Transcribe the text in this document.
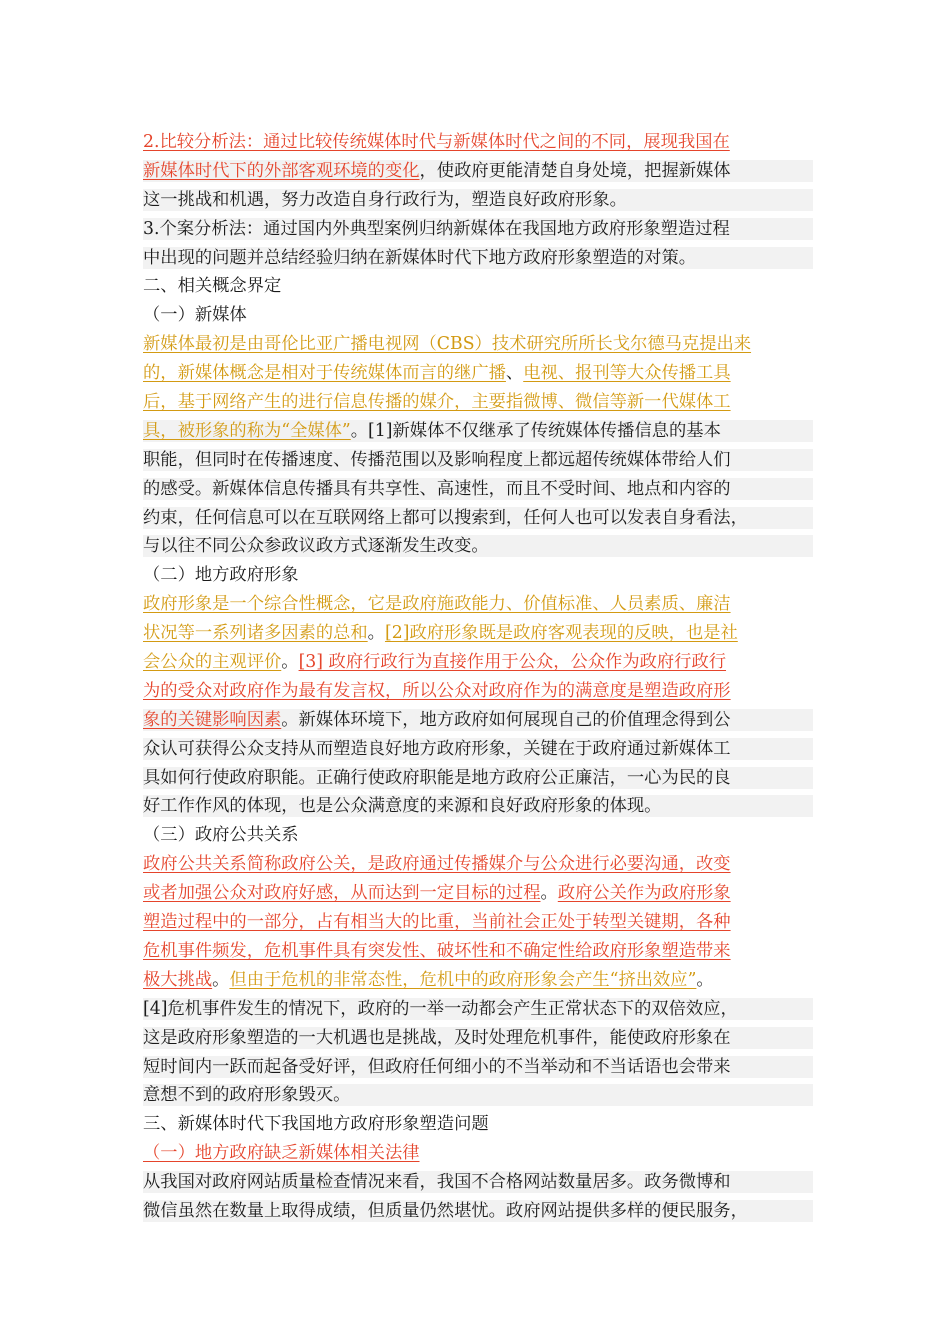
2.比较分析法：通过比较传统媒体时代与新媒体时代之间的不同，展现我国在
新媒体时代下的外部客观环境的变化，使政府更能清楚自身处境，把握新媒体
这一挑战和机遇，努力改造自身行政行为，塑造良好政府形象。
3.个案分析法：通过国内外典型案例归纳新媒体在我国地方政府形象塑造过程
中出现的问题并总结经验归纳在新媒体时代下地方政府形象塑造的对策。
二、相关概念界定
（一）新媒体
新媒体最初是由哥伦比亚广播电视网（CBS）技术研究所所长戈尔德马克提出来
的，新媒体概念是相对于传统媒体而言的继广播、电视、报刊等大众传播工具
后，基于网络产生的进行信息传播的媒介，主要指微博、微信等新一代媒体工
具，被形象的称为“全媒体”。[1]新媒体不仅继承了传统媒体传播信息的基本
职能，但同时在传播速度、传播范围以及影响程度上都远超传统媒体带给人们
的感受。新媒体信息传播具有共享性、高速性，而且不受时间、地点和内容的
约束，任何信息可以在互联网络上都可以搜索到，任何人也可以发表自身看法，
与以往不同公众参政议政方式逐渐发生改变。
（二）地方政府形象
政府形象是一个综合性概念，它是政府施政能力、价值标准、人员素质、廉洁
状况等一系列诸多因素的总和。[2]政府形象既是政府客观表现的反映，也是社
会公众的主观评价。[3] 政府行政行为直接作用于公众，公众作为政府行政行
为的受众对政府作为最有发言权，所以公众对政府作为的满意度是塑造政府形
象的关键影响因素。新媒体环境下，地方政府如何展现自己的价值理念得到公
众认可获得公众支持从而塑造良好地方政府形象，关键在于政府通过新媒体工
具如何行使政府职能。正确行使政府职能是地方政府公正廉洁，一心为民的良
好工作作风的体现，也是公众满意度的来源和良好政府形象的体现。
（三）政府公共关系
政府公共关系简称政府公关，是政府通过传播媒介与公众进行必要沟通，改变
或者加强公众对政府好感，从而达到一定目标的过程。政府公关作为政府形象
塑造过程中的一部分，占有相当大的比重，当前社会正处于转型关键期，各种
危机事件频发，危机事件具有突发性、破坏性和不确定性给政府形象塑造带来
极大挑战。但由于危机的非常态性，危机中的政府形象会产生“挤出效应”。
[4]危机事件发生的情况下，政府的一举一动都会产生正常状态下的双倍效应，
这是政府形象塑造的一大机遇也是挑战，及时处理危机事件，能使政府形象在
短时间内一跃而起备受好评，但政府任何细小的不当举动和不当话语也会带来
意想不到的政府形象毁灭。
三、新媒体时代下我国地方政府形象塑造问题
（一）地方政府缺乏新媒体相关法律
从我国对政府网站质量检查情况来看，我国不合格网站数量居多。政务微博和
微信虽然在数量上取得成绩，但质量仍然堪忧。政府网站提供多样的便民服务，
